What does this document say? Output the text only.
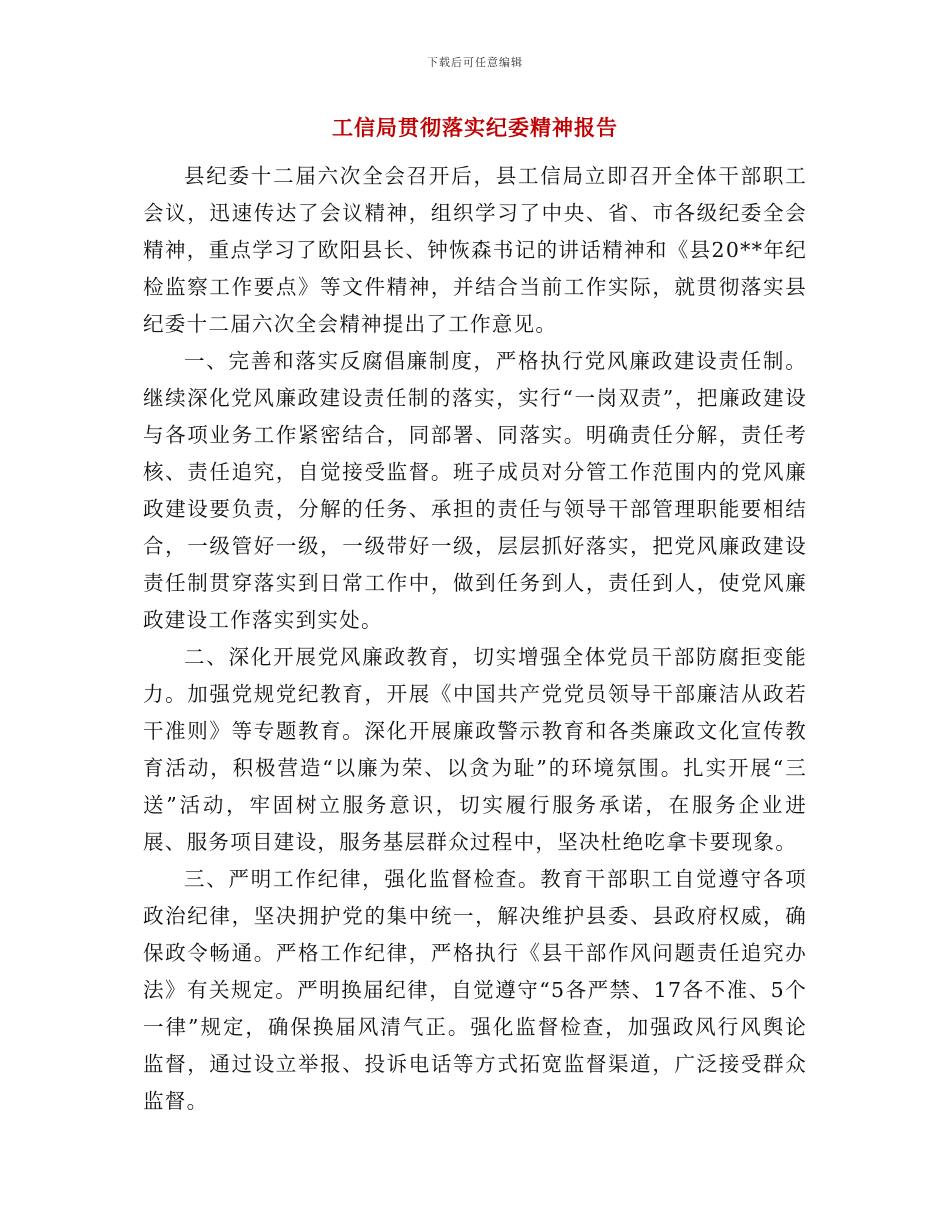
下载后可任意编辑
工信局贯彻落实纪委精神报告

县纪委十二届六次全会召开后，县工信局立即召开全体干部职工会议，迅速传达了会议精神，组织学习了中央、省、市各级纪委全会精神，重点学习了欧阳县长、钟恢森书记的讲话精神和《县20**年纪检监察工作要点》等文件精神，并结合当前工作实际，就贯彻落实县纪委十二届六次全会精神提出了工作意见。

一、完善和落实反腐倡廉制度，严格执行党风廉政建设责任制。继续深化党风廉政建设责任制的落实，实行“一岗双责”，把廉政建设与各项业务工作紧密结合，同部署、同落实。明确责任分解，责任考核、责任追究，自觉接受监督。班子成员对分管工作范围内的党风廉政建设要负责，分解的任务、承担的责任与领导干部管理职能要相结合，一级管好一级，一级带好一级，层层抓好落实，把党风廉政建设责任制贯穿落实到日常工作中，做到任务到人，责任到人，使党风廉政建设工作落实到实处。

二、深化开展党风廉政教育，切实增强全体党员干部防腐拒变能力。加强党规党纪教育，开展《中国共产党党员领导干部廉洁从政若干准则》等专题教育。深化开展廉政警示教育和各类廉政文化宣传教育活动，积极营造“以廉为荣、以贪为耻”的环境氛围。扎实开展“三送”活动，牢固树立服务意识，切实履行服务承诺，在服务企业进展、服务项目建设，服务基层群众过程中，坚决杜绝吃拿卡要现象。

三、严明工作纪律，强化监督检查。教育干部职工自觉遵守各项政治纪律，坚决拥护党的集中统一，解决维护县委、县政府权威，确保政令畅通。严格工作纪律，严格执行《县干部作风问题责任追究办法》有关规定。严明换届纪律，自觉遵守“5各严禁、17各不准、5个一律”规定，确保换届风清气正。强化监督检查，加强政风行风舆论监督，通过设立举报、投诉电话等方式拓宽监督渠道，广泛接受群众监督。
